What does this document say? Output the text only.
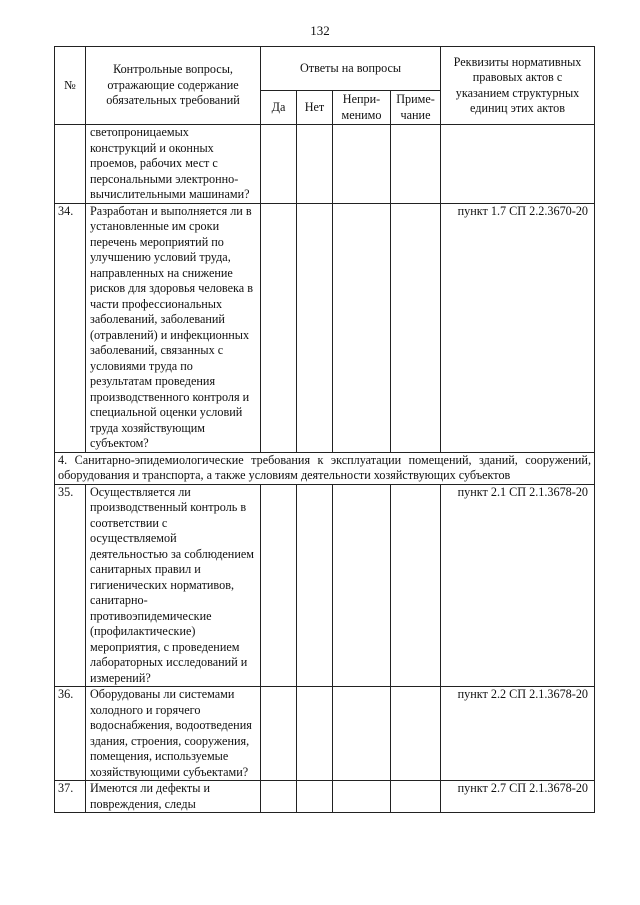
132
№	Контрольные вопросы, отражающие содержание обязательных требований	Ответы на вопросы				Реквизиты нормативных правовых актов с указанием структурных единиц этих актов
		Да	Нет	Непри-менимо	Приме-чание	
	светопроницаемых конструкций и оконных проемов, рабочих мест с персональными электронно-вычислительными машинами?					
34.	Разработан и выполняется ли в установленные им сроки перечень мероприятий по улучшению условий труда, направленных на снижение рисков для здоровья человека в части профессиональных заболеваний, заболеваний (отравлений) и инфекционных заболеваний, связанных с условиями труда по результатам проведения производственного контроля и специальной оценки условий труда хозяйствующим субъектом?					пункт 1.7 СП 2.2.3670-20
4. Санитарно-эпидемиологические требования к эксплуатации помещений, зданий, сооружений, оборудования и транспорта, а также условиям деятельности хозяйствующих субъектов						
35.	Осуществляется ли производственный контроль в соответствии с осуществляемой деятельностью за соблюдением санитарных правил и гигиенических нормативов, санитарно-противоэпидемические (профилактические) мероприятия, с проведением лабораторных исследований и измерений?					пункт 2.1 СП 2.1.3678-20
36.	Оборудованы ли системами холодного и горячего водоснабжения, водоотведения здания, строения, сооружения, помещения, используемые хозяйствующими субъектами?					пункт 2.2 СП 2.1.3678-20
37.	Имеются ли дефекты и повреждения, следы					пункт 2.7 СП 2.1.3678-20
